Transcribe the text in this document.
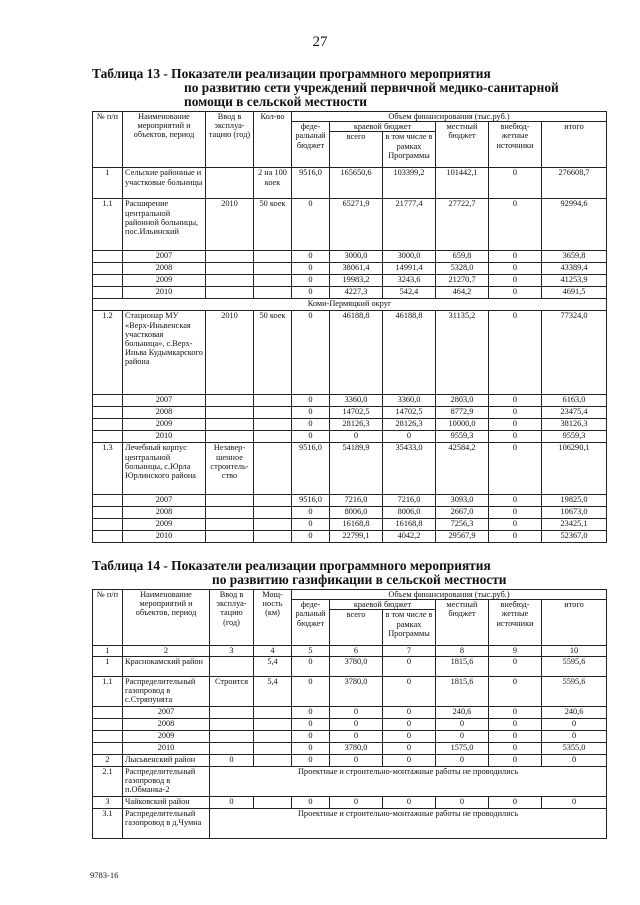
27
Таблица 13 - Показатели реализации программного мероприятия
по развитию сети учреждений первичной медико-санитарной
помощи в сельской местности
№ п/п	Наименование мероприятий и объектов, период	Ввод в эксплуа-тацию (год)	Кол-во	Объем финансирования (тыс.руб.)					
				феде-ральный бюджет	краевой бюджет		местный бюджет	внебюд-жетные источники	итого
					всего	в том числе в рамках Программы			
1	Сельские районные и участковые больницы		2 на 100 коек	9516,0	165650,6	103399,2	101442,1	0	276608,7
1.1	Расширение центральной районной больницы, пос.Ильинский	2010	50 коек	0	65271,9	21777,4	27722,7	0	92994,6
	2007			0	3000,0	3000,0	659,8	0	3659,8
	2008			0	38061,4	14991,4	5328,0	0	43389,4
	2009			0	19983,2	3243,6	21270,7	0	41253,9
	2010			0	4227,3	542,4	464,2	0	4691,5
Коми-Пермяцкий округ									
1.2	Стационар МУ «Верх-Иньвенская участковая больница», с.Верх-Иньва Кудымкарского района	2010	50 коек	0	46188,8	46188,8	31135,2	0	77324,0
	2007			0	3360,0	3360,0	2803,0	0	6163,0
	2008			0	14702,5	14702,5	8772,9	0	23475,4
	2009			0	28126,3	28126,3	10000,0	0	38126,3
	2010			0	0	0	9559,3	0	9559,3
1.3	Лечебный корпус центральной больницы, с.Юрла Юрлинского района	Незавер-шенное строитель-ство		9516,0	54189,9	35433,0	42584,2	0	106290,1
	2007			9516,0	7216,0	7216,0	3093,0	0	19825,0
	2008			0	8006,0	8006,0	2667,0	0	10673,0
	2009			0	16168,8	16168,8	7256,3	0	23425,1
	2010			0	22799,1	4042,2	29567,9	0	52367,0
Таблица 14 - Показатели реализации программного мероприятия
по развитию газификации в сельской местности
№ п/п	Наименование мероприятий и объектов, период	Ввод в эксплуа-тацию (год)	Мощ-ность (км)	Объем финансирования (тыс.руб.)					
				феде-ральный бюджет	краевой бюджет		местный бюджет	внебюд-жетные источники	итого
					всего	в том числе в рамках Программы			
1	2	3	4	5	6	7	8	9	10
1	Краснокамский район		5,4	0	3780,0	0	1815,6	0	5595,6
1.1	Распределительный газопровод в с.Стряпунята	Строится	5,4	0	3780,0	0	1815,6	0	5595,6
	2007			0	0	0	240,6	0	240,6
	2008			0	0	0	0	0	0
	2009			0	0	0	0	0	0
	2010			0	3780,0	0	1575,0	0	5355,0
2	Лысьвенский район	0		0	0	0	0	0	0
2.1	Распределительный газопровод в п.Обманка-2	Проектные и строительно-монтажные работы не проводились							
3	Чайковский район	0		0	0	0	0	0	0
3.1	Распределительный газопровод в д.Чумна	Проектные и строительно-монтажные работы не проводились							
9783-16
